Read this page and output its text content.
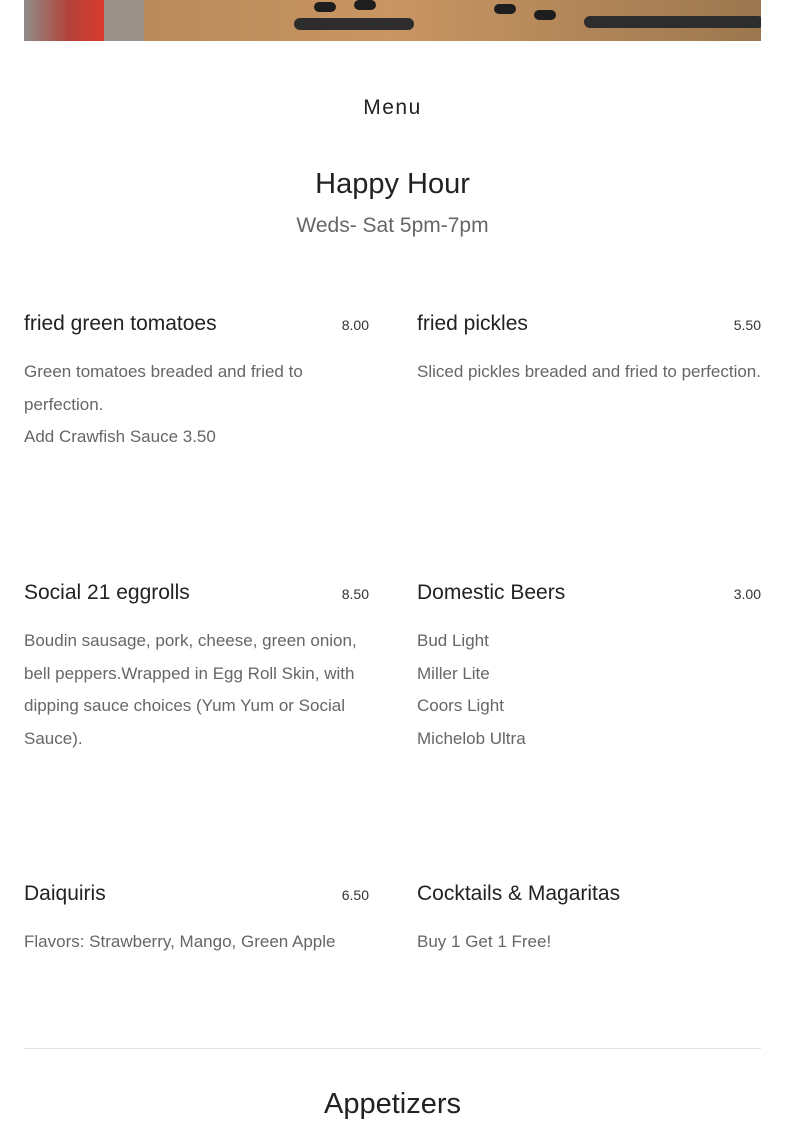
Menu
Happy Hour
Weds- Sat 5pm-7pm
fried green tomatoes	8.00
Green tomatoes breaded and fried to perfection.
Add Crawfish Sauce 3.50
fried pickles	5.50
Sliced pickles breaded and fried to perfection.
Social 21 eggrolls	8.50
Boudin sausage, pork, cheese, green onion, bell peppers.Wrapped in Egg Roll Skin, with dipping sauce choices (Yum Yum or Social Sauce).
Domestic Beers	3.00
Bud Light
Miller Lite
Coors Light
Michelob Ultra
Daiquiris	6.50
Flavors: Strawberry, Mango, Green Apple
Cocktails & Magaritas
Buy 1 Get 1 Free!
Appetizers
